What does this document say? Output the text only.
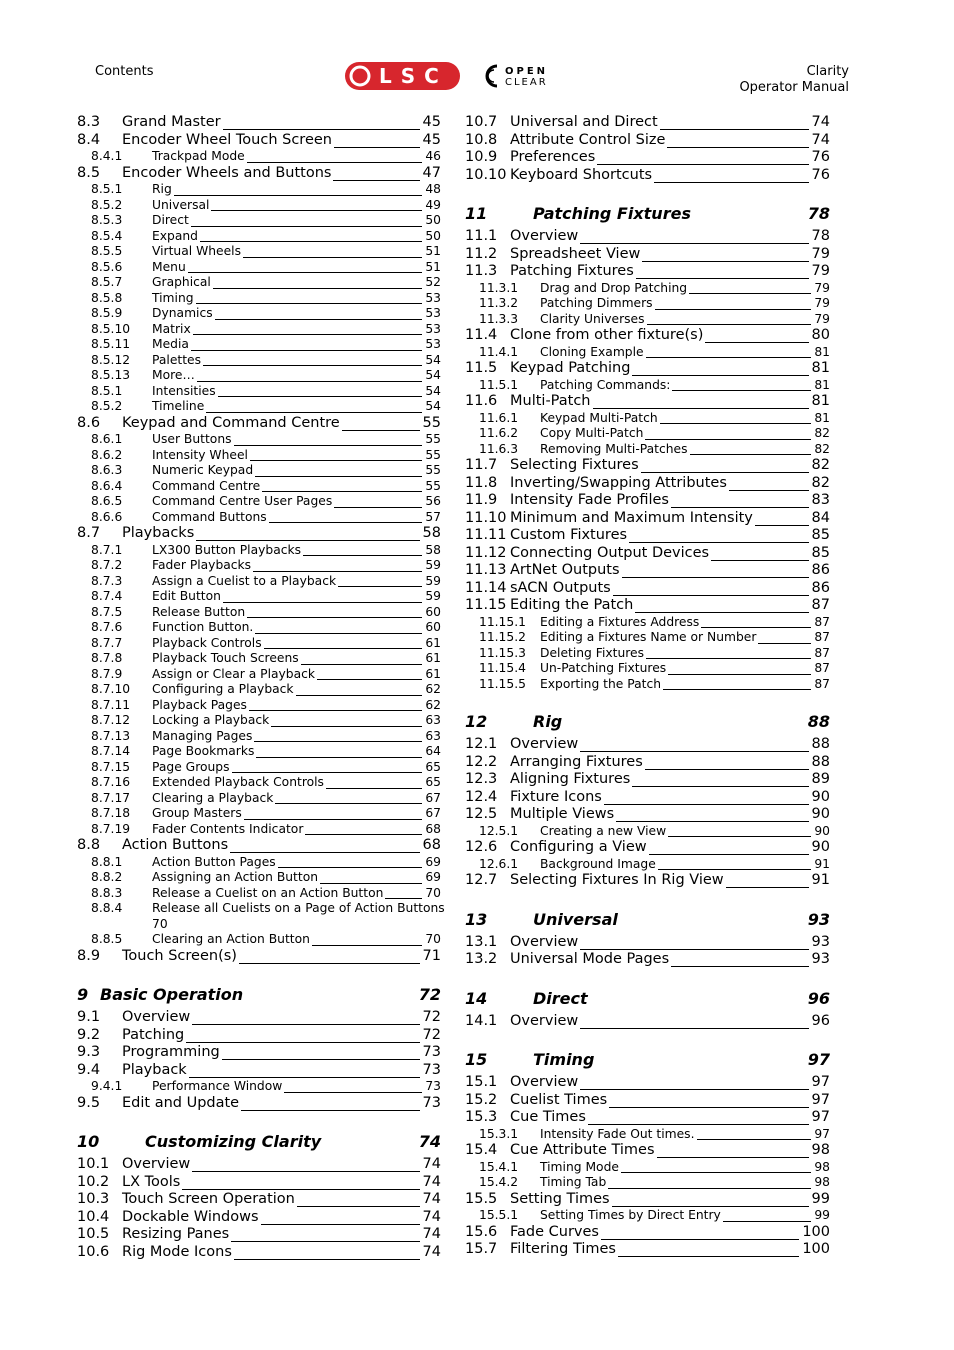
Contents	LSC	OPEN
CLEAR
Clarity
Operator Manual
8.3 Grand Master	45
8.4 Encoder Wheel Touch Screen	45
8.4.1 Trackpad Mode	46
8.5 Encoder Wheels and Buttons	47
8.5.1 Rig	48
8.5.2 Universal	49
8.5.3 Direct	50
8.5.4 Expand	50
8.5.5 Virtual Wheels	51
8.5.6 Menu	51
8.5.7 Graphical	52
8.5.8 Timing	53
8.5.9 Dynamics	53
8.5.10 Matrix	53
8.5.11 Media	53
8.5.12 Palettes	54
8.5.13 More…	54
8.5.1 Intensities	54
8.5.2 Timeline	54
8.6 Keypad and Command Centre	55
8.6.1 User Buttons	55
8.6.2 Intensity Wheel	55
8.6.3 Numeric Keypad	55
8.6.4 Command Centre	55
8.6.5 Command Centre User Pages	56
8.6.6 Command Buttons	57
8.7 Playbacks	58
8.7.1 LX300 Button Playbacks	58
8.7.2 Fader Playbacks	59
8.7.3 Assign a Cuelist to a Playback	59
8.7.4 Edit Button	59
8.7.5 Release Button	60
8.7.6 Function Button.	60
8.7.7 Playback Controls	61
8.7.8 Playback Touch Screens	61
8.7.9 Assign or Clear a Playback	61
8.7.10 Configuring a Playback	62
8.7.11 Playback Pages	62
8.7.12 Locking a Playback	63
8.7.13 Managing Pages	63
8.7.14 Page Bookmarks	64
8.7.15 Page Groups	65
8.7.16 Extended Playback Controls	65
8.7.17 Clearing a Playback	67
8.7.18 Group Masters	67
8.7.19 Fader Contents Indicator	68
8.8 Action Buttons	68
8.8.1 Action Button Pages	69
8.8.2 Assigning an Action Button	69
8.8.3 Release a Cuelist on an Action Button	70
8.8.4 Release all Cuelists on a Page of Action Buttons
70
8.8.5 Clearing an Action Button	70
8.9 Touch Screen(s)	71
9 Basic Operation	72
9.1 Overview	72
9.2 Patching	72
9.3 Programming	73
9.4 Playback	73
9.4.1 Performance Window	73
9.5 Edit and Update	73
10	Customizing Clarity	74
10.1 Overview	74
10.2 LX Tools	74
10.3 Touch Screen Operation	74
10.4 Dockable Windows	74
10.5 Resizing Panes	74
10.6 Rig Mode Icons	74
10.7 Universal and Direct	74
10.8 Attribute Control Size	74
10.9 Preferences	76
10.10 Keyboard Shortcuts	76
11	Patching Fixtures	78
11.1 Overview	78
11.2 Spreadsheet View	79
11.3 Patching Fixtures	79
11.3.1 Drag and Drop Patching	79
11.3.2 Patching Dimmers	79
11.3.3 Clarity Universes	79
11.4 Clone from other fixture(s)	80
11.4.1 Cloning Example	81
11.5 Keypad Patching	81
11.5.1 Patching Commands:	81
11.6 Multi-Patch	81
11.6.1 Keypad Multi-Patch	81
11.6.2 Copy Multi-Patch	82
11.6.3 Removing Multi-Patches	82
11.7 Selecting Fixtures	82
11.8 Inverting/Swapping Attributes	82
11.9 Intensity Fade Profiles	83
11.10 Minimum and Maximum Intensity	84
11.11 Custom Fixtures	85
11.12 Connecting Output Devices	85
11.13 ArtNet Outputs	86
11.14 sACN Outputs	86
11.15 Editing the Patch	87
11.15.1 Editing a Fixtures Address	87
11.15.2 Editing a Fixtures Name or Number	87
11.15.3 Deleting Fixtures	87
11.15.4 Un-Patching Fixtures	87
11.15.5 Exporting the Patch	87
12	Rig	88
12.1 Overview	88
12.2 Arranging Fixtures	88
12.3 Aligning Fixtures	89
12.4 Fixture Icons	90
12.5 Multiple Views	90
12.5.1 Creating a new View	90
12.6 Configuring a View	90
12.6.1 Background Image	91
12.7 Selecting Fixtures In Rig View	91
13	Universal	93
13.1 Overview	93
13.2 Universal Mode Pages	93
14	Direct	96
14.1 Overview	96
15	Timing	97
15.1 Overview	97
15.2 Cuelist Times	97
15.3 Cue Times	97
15.3.1 Intensity Fade Out times.	97
15.4 Cue Attribute Times	98
15.4.1 Timing Mode	98
15.4.2 Timing Tab	98
15.5 Setting Times	99
15.5.1 Setting Times by Direct Entry	99
15.6 Fade Curves	100
15.7 Filtering Times	100
